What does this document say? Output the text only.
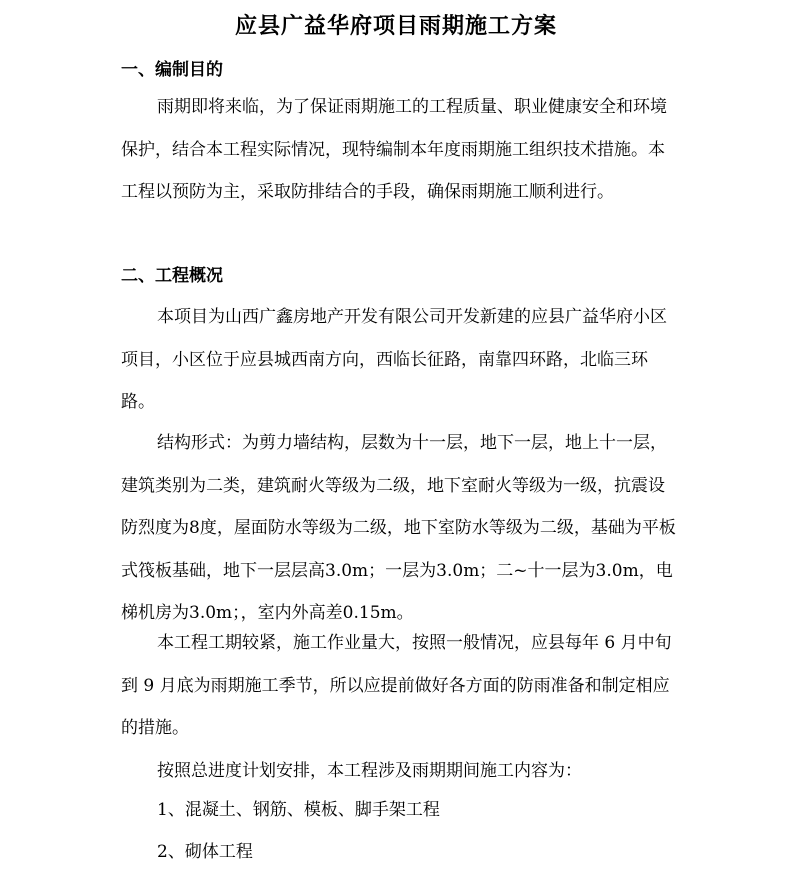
应县广益华府项目雨期施工方案
一、编制目的

雨期即将来临，为了保证雨期施工的工程质量、职业健康安全和环境保护，结合本工程实际情况，现特编制本年度雨期施工组织技术措施。本工程以预防为主，采取防排结合的手段，确保雨期施工顺利进行。

二、工程概况

本项目为山西广鑫房地产开发有限公司开发新建的应县广益华府小区项目，小区位于应县城西南方向，西临长征路，南靠四环路，北临三环路。

结构形式：为剪力墙结构，层数为十一层，地下一层，地上十一层，建筑类别为二类，建筑耐火等级为二级，地下室耐火等级为一级，抗震设防烈度为8度，屋面防水等级为二级，地下室防水等级为二级，基础为平板式筏板基础，地下一层层高3.0m；一层为3.0m；二~十一层为3.0m，电梯机房为3.0m；，室内外高差0.15m。

本工程工期较紧，施工作业量大，按照一般情况，应县每年 6 月中旬到 9 月底为雨期施工季节，所以应提前做好各方面的防雨准备和制定相应的措施。

按照总进度计划安排，本工程涉及雨期期间施工内容为：

1、混凝土、钢筋、模板、脚手架工程
2、砌体工程
